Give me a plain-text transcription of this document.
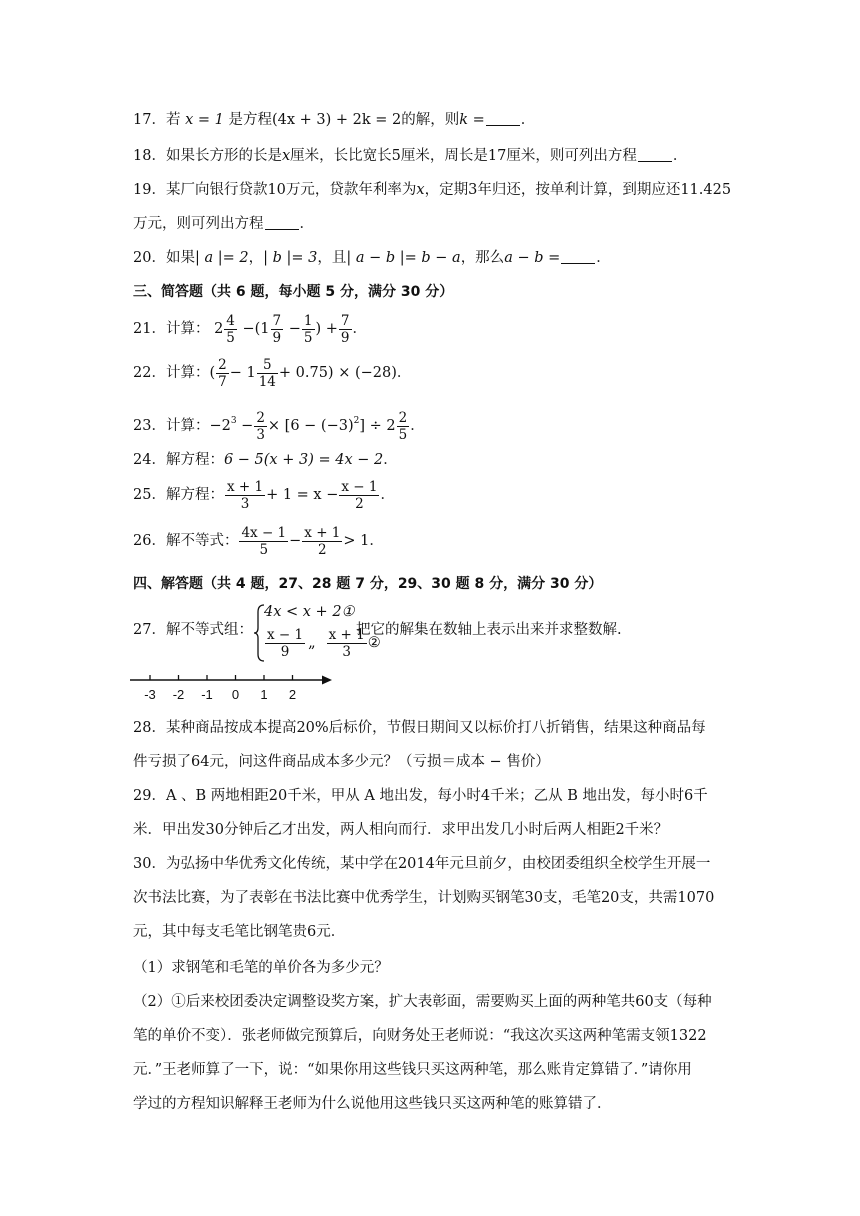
17．若 x = 1 是方程(4x + 3) + 2k = 2的解，则k = ．
18．如果长方形的长是x厘米，长比宽长5厘米，周长是17厘米，则可列出方程 ．
19．某厂向银行贷款10万元，贷款年利率为x，定期3年归还，按单利计算，到期应还11.425
万元，则可列出方程 ．
20．如果| a |= 2，| b |= 3，且| a − b |= b − a，那么a − b = ．
三、简答题（共 6 题，每小题 5 分，满分 30 分）
21．计算： $2 \frac{4}{5} -(1 \frac{7}{9} - \frac{1}{5}$ ) + $\frac{7}{9}$ ．
22．计算：( $\frac{2}{7} - 1 \frac{5}{14} + 0.75) \times (-28)$．
23．计算：$-2^3 - \frac{2}{3} \times [6 - (-3)^2] \div 2 \frac{2}{5}$ ．
24．解方程：6 − 5(x + 3) = 4x − 2．
25．解方程： $\frac{x + 1}{3} + 1 = x - \frac{x - 1}{2}$ ．
26．解不等式： $\frac{4x - 1}{5} - \frac{x + 1}{2} > 1$．
四、解答题（共 4 题，27、28 题 7 分，29、30 题 8 分，满分 30 分）
27．解不等式组：
4x < x + 2①
$\frac{x - 1}{9}$ „ $\frac{x + 1}{3}$ ②
把它的解集在数轴上表示出来并求整数解.
-3 -2 -1 0 1 2
28．某种商品按成本提高20%后标价，节假日期间又以标价打八折销售，结果这种商品每
件亏损了64元，问这件商品成本多少元？（亏损＝成本 − 售价）
29．A 、B 两地相距20千米，甲从 A 地出发，每小时4千米；乙从 B 地出发，每小时6千
米．甲出发30分钟后乙才出发，两人相向而行．求甲出发几小时后两人相距2千米？
30．为弘扬中华优秀文化传统，某中学在2014年元旦前夕，由校团委组织全校学生开展一
次书法比赛，为了表彰在书法比赛中优秀学生，计划购买钢笔30支，毛笔20支，共需1070
元，其中每支毛笔比钢笔贵6元．
（1）求钢笔和毛笔的单价各为多少元？
（2）①后来校团委决定调整设奖方案，扩大表彰面，需要购买上面的两种笔共60支（每种
笔的单价不变）．张老师做完预算后，向财务处王老师说：“我这次买这两种笔需支领1322
元．”王老师算了一下，说：“如果你用这些钱只买这两种笔，那么账肯定算错了．”请你用
学过的方程知识解释王老师为什么说他用这些钱只买这两种笔的账算错了．
